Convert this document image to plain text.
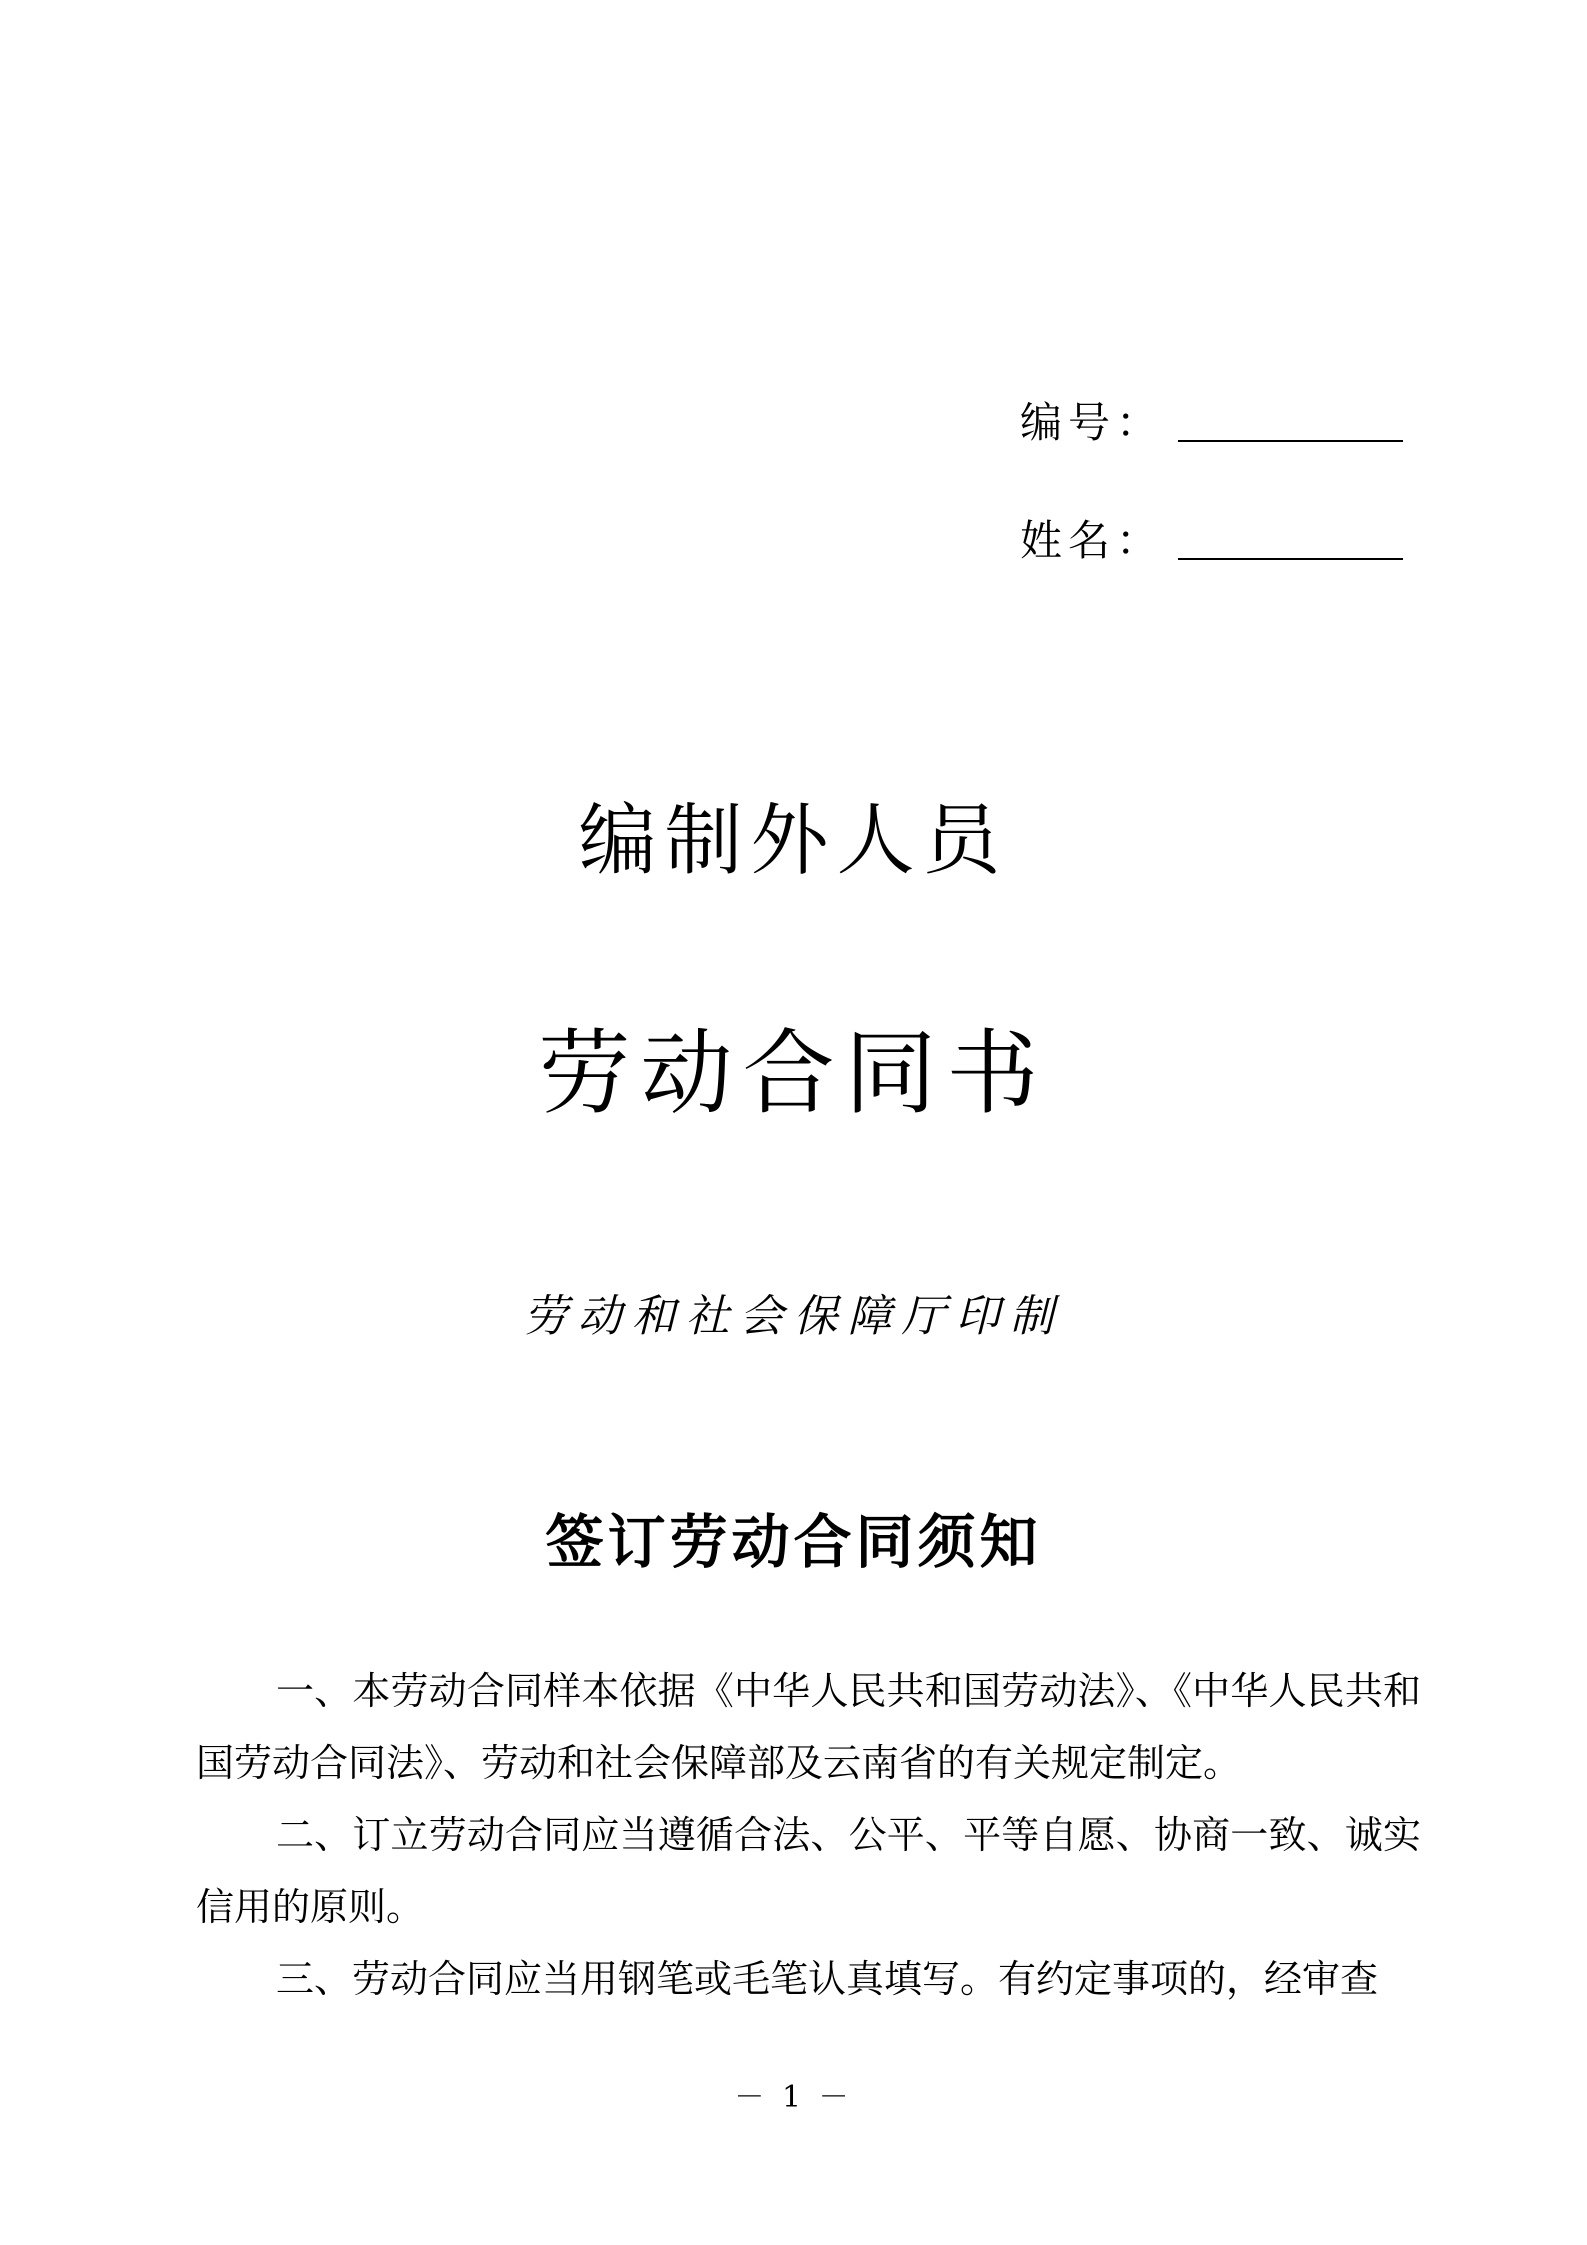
编号：
姓名：
编制外人员
劳动合同书
劳动和社会保障厅印制
签订劳动合同须知

一、本劳动合同样本依据《中华人民共和国劳动法》、《中华人民共和国劳动合同法》、劳动和社会保障部及云南省的有关规定制定。

二、订立劳动合同应当遵循合法、公平、平等自愿、协商一致、诚实信用的原则。

三、劳动合同应当用钢笔或毛笔认真填写。有约定事项的，经审查

－ 1 －
